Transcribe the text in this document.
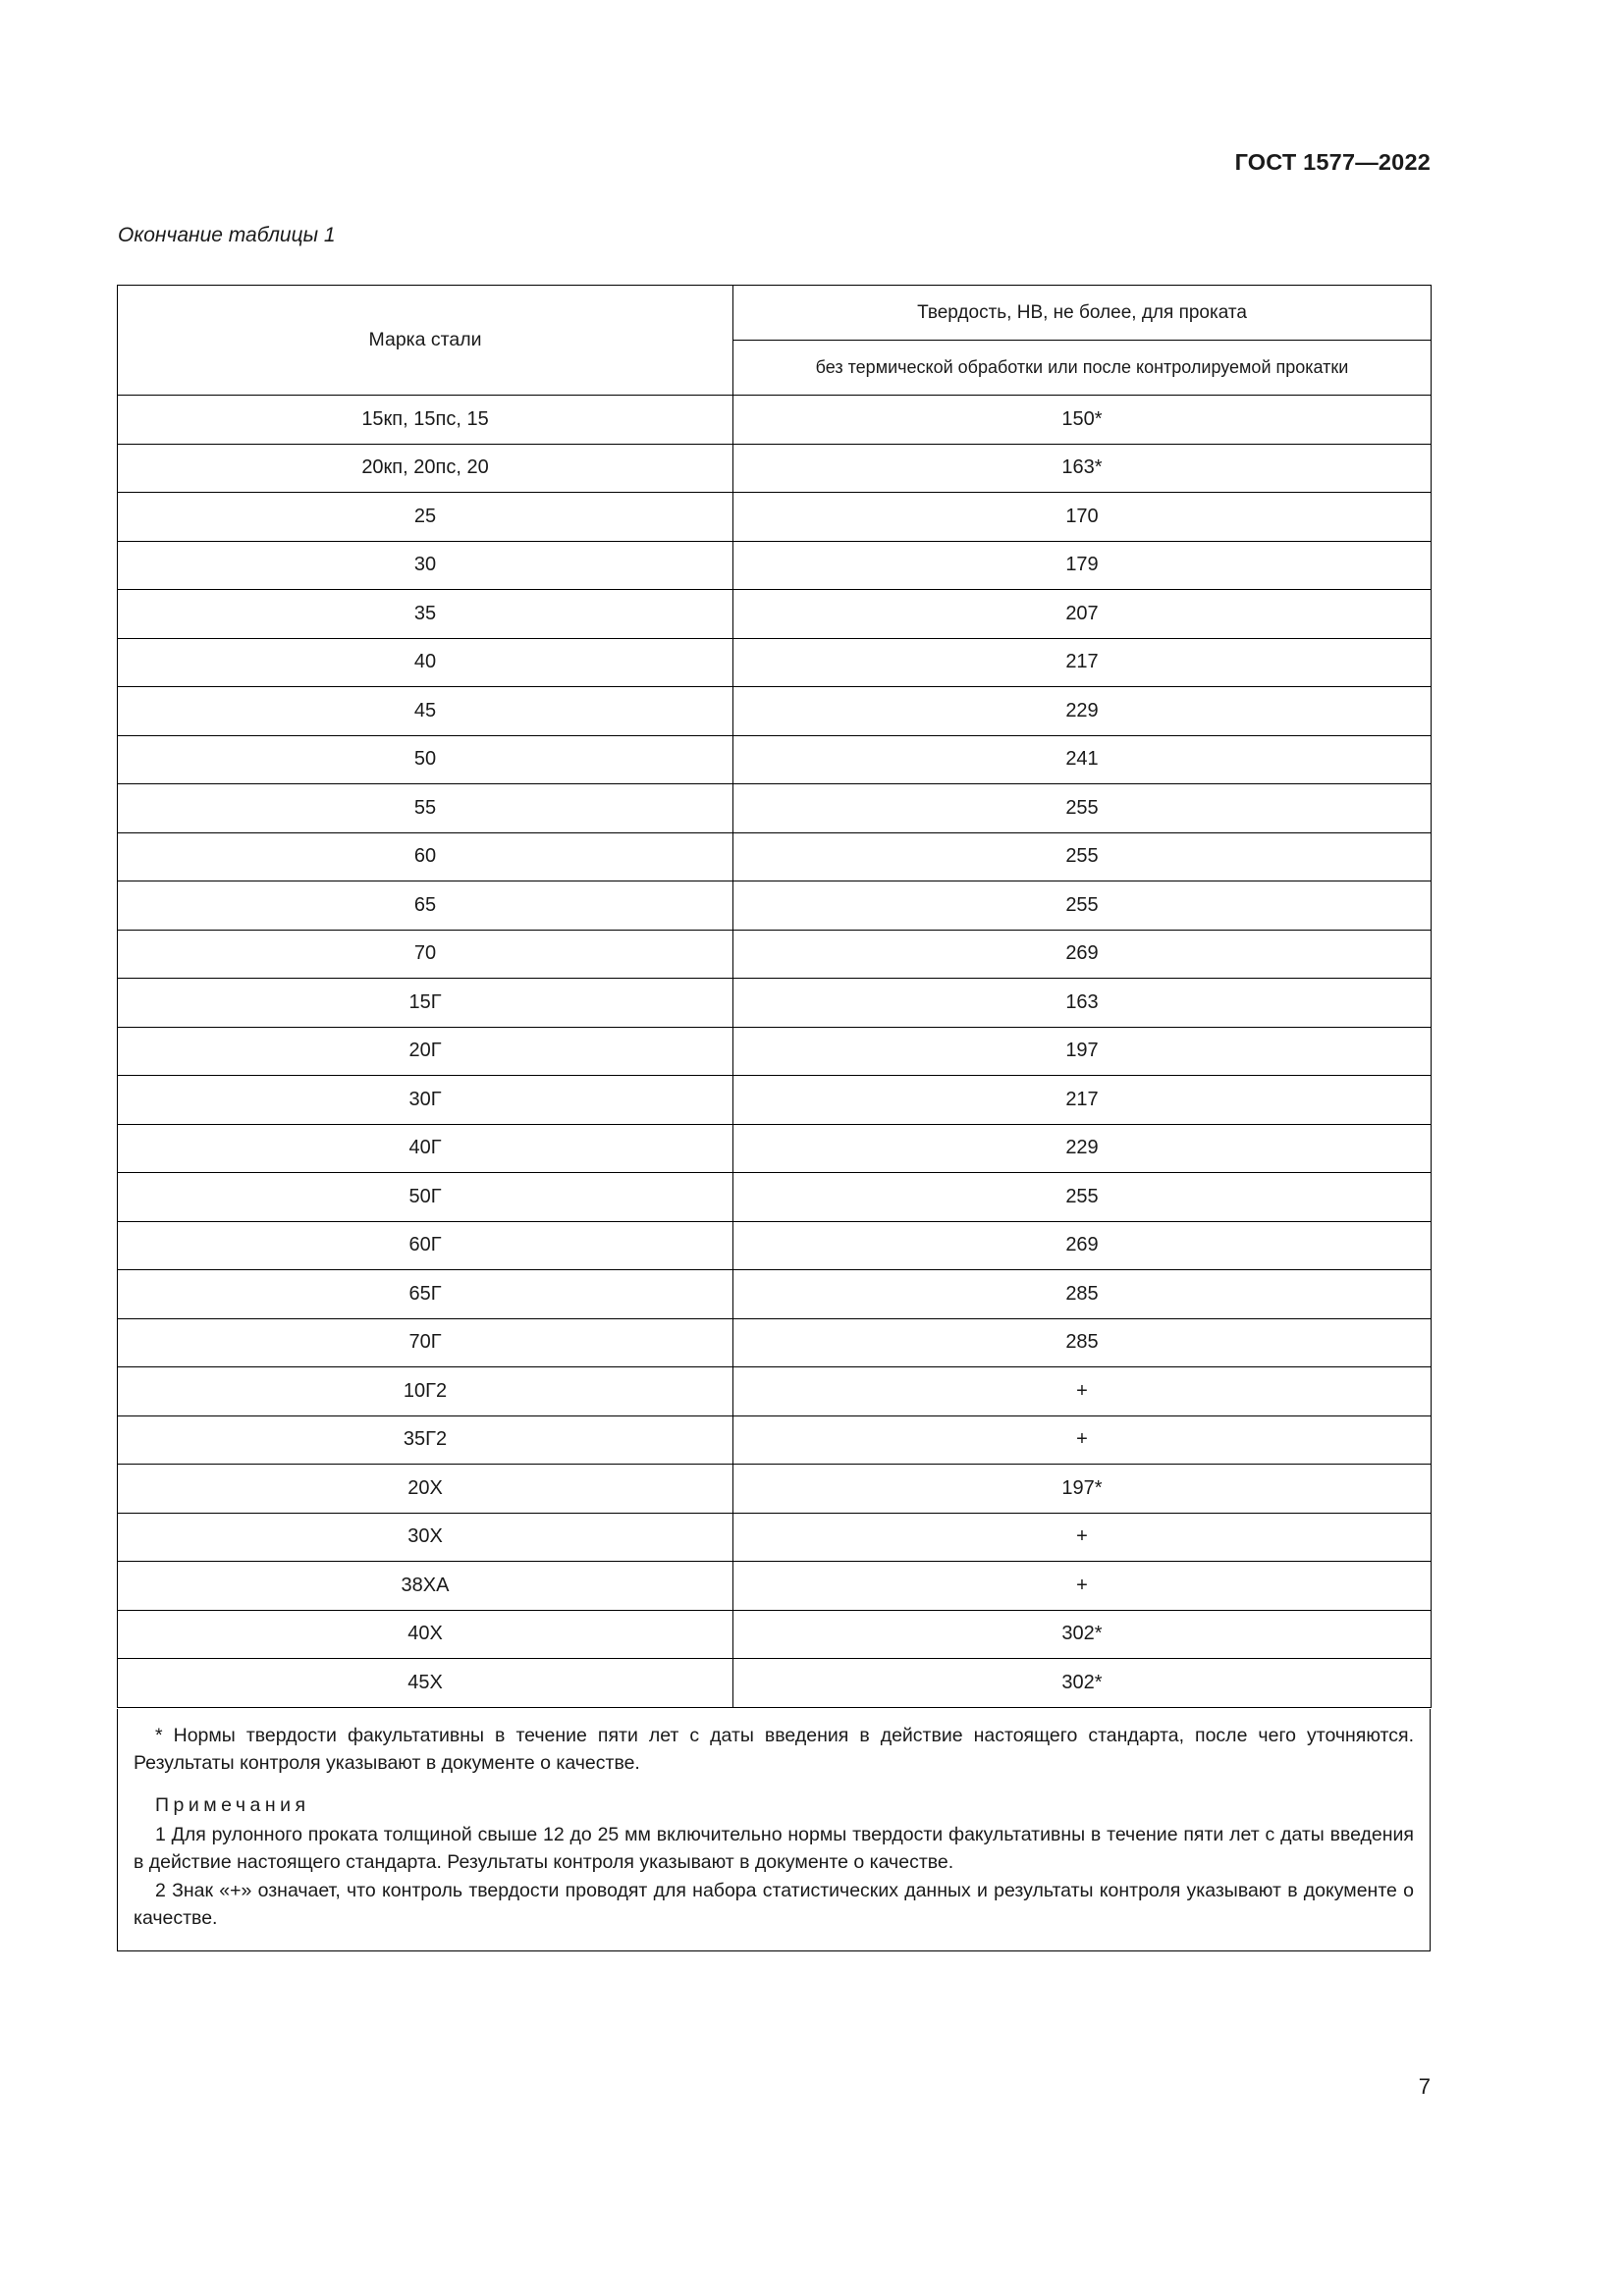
ГОСТ 1577—2022
Окончание таблицы 1
Марка стали	Твердость, НВ, не более, для проката
	без термической обработки или после контролируемой прокатки
15кп, 15пс, 15	150*
20кп, 20пс, 20	163*
25	170
30	179
35	207
40	217
45	229
50	241
55	255
60	255
65	255
70	269
15Г	163
20Г	197
30Г	217
40Г	229
50Г	255
60Г	269
65Г	285
70Г	285
10Г2	+
35Г2	+
20Х	197*
30Х	+
38ХА	+
40Х	302*
45Х	302*

* Нормы твердости факультативны в течение пяти лет с даты введения в действие настоящего стандарта, после чего уточняются. Результаты контроля указывают в документе о качестве.

Примечания

1 Для рулонного проката толщиной свыше 12 до 25 мм включительно нормы твердости факультативны в течение пяти лет с даты введения в действие настоящего стандарта. Результаты контроля указывают в документе о качестве.

2 Знак «+» означает, что контроль твердости проводят для набора статистических данных и результаты контроля указывают в документе о качестве.

7
